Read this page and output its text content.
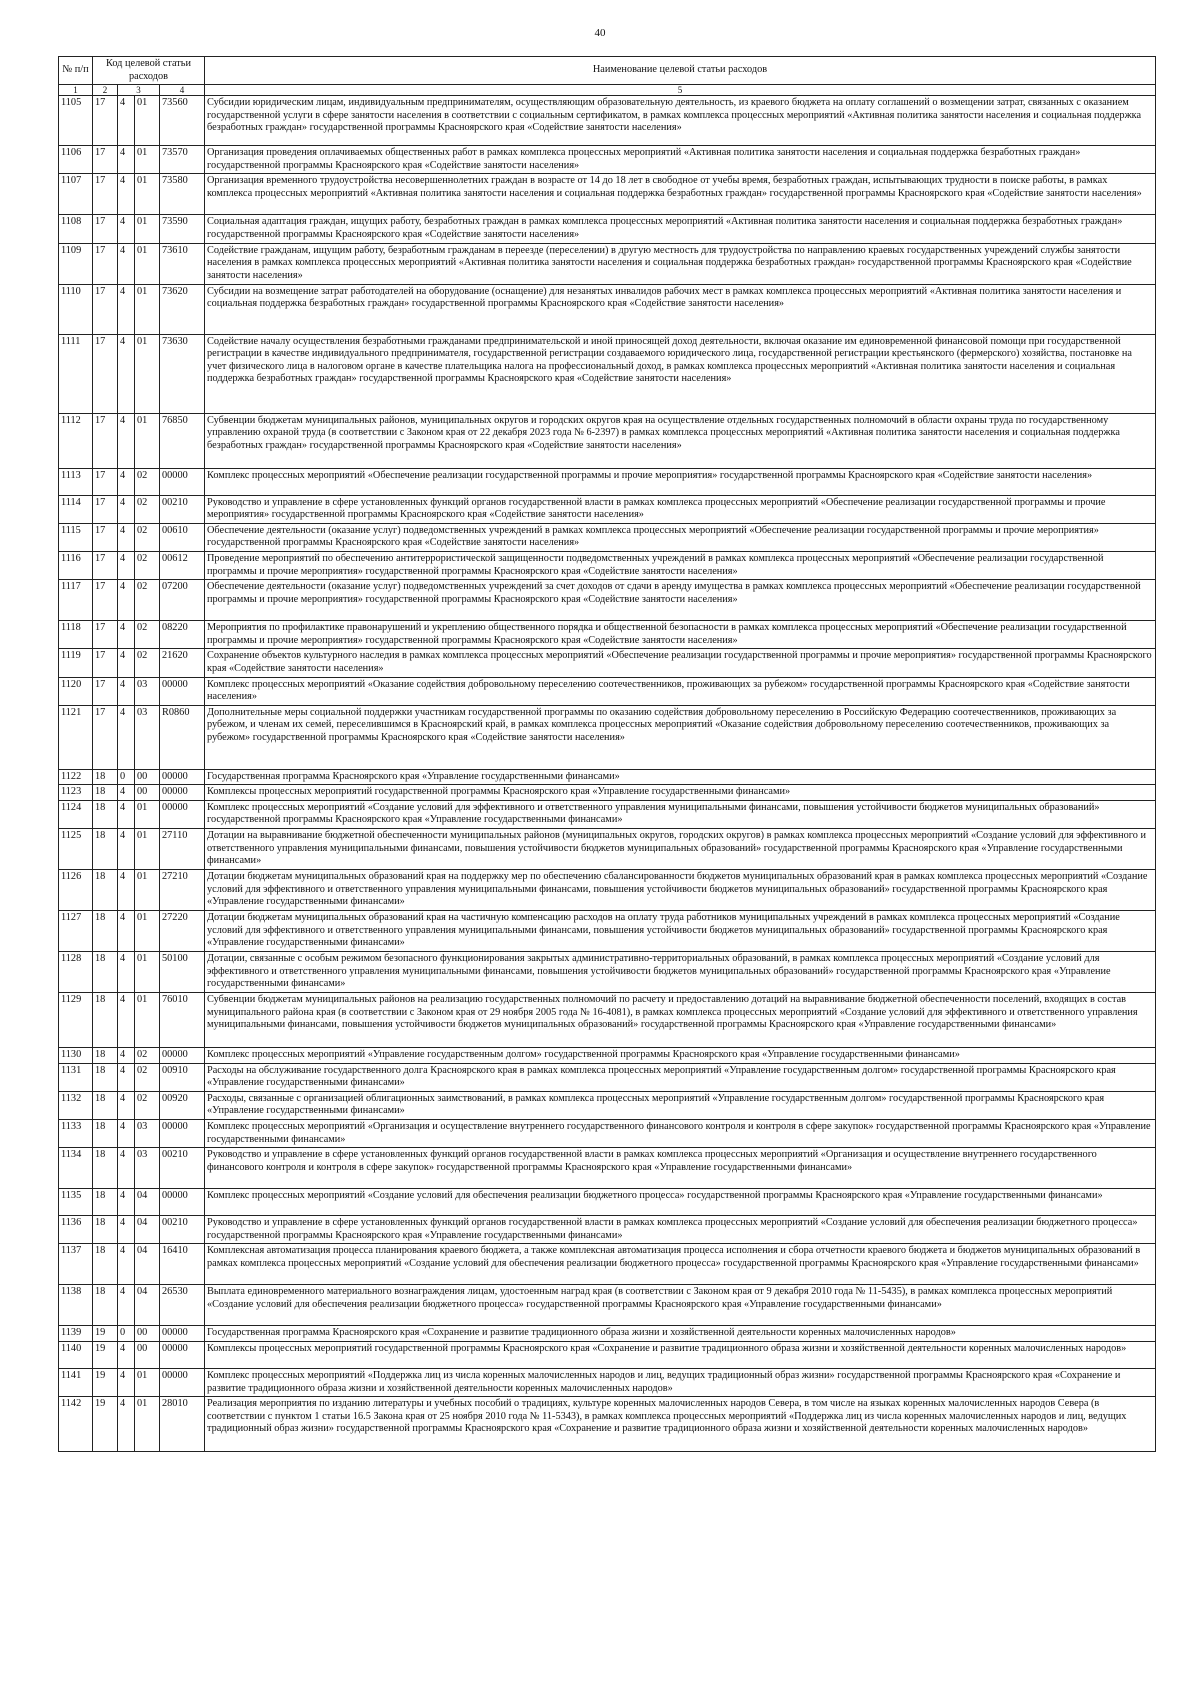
40
№ п/п	Код целевой статьи расходов				Наименование целевой статьи расходов

1	2	3		4	5
1105	17	4	01	73560	Субсидии юридическим лицам, индивидуальным предпринимателям, осуществляющим образовательную деятельность, из краевого бюджета на оплату соглашений о возмещении затрат, связанных с оказанием государственной услуги в сфере занятости населения в соответствии с социальным сертификатом, в рамках комплекса процессных мероприятий «Активная политика занятости населения и социальная поддержка безработных граждан» государственной программы Красноярского края «Содействие занятости населения»
1106	17	4	01	73570	Организация проведения оплачиваемых общественных работ в рамках комплекса процессных мероприятий «Активная политика занятости населения и социальная поддержка безработных граждан» государственной программы Красноярского края «Содействие занятости населения»
1107	17	4	01	73580	Организация временного трудоустройства несовершеннолетних граждан в возрасте от 14 до 18 лет в свободное от учебы время, безработных граждан, испытывающих трудности в поиске работы, в рамках комплекса процессных мероприятий «Активная политика занятости населения и социальная поддержка безработных граждан» государственной программы Красноярского края «Содействие занятости населения»
1108	17	4	01	73590	Социальная адаптация граждан, ищущих работу, безработных граждан в рамках комплекса процессных мероприятий «Активная политика занятости населения и социальная поддержка безработных граждан» государственной программы Красноярского края «Содействие занятости населения»
1109	17	4	01	73610	Содействие гражданам, ищущим работу, безработным гражданам в переезде (переселении) в другую местность для трудоустройства по направлению краевых государственных учреждений службы занятости населения в рамках комплекса процессных мероприятий «Активная политика занятости населения и социальная поддержка безработных граждан» государственной программы Красноярского края «Содействие занятости населения»
1110	17	4	01	73620	Субсидии на возмещение затрат работодателей на оборудование (оснащение) для незанятых инвалидов рабочих мест в рамках комплекса процессных мероприятий «Активная политика занятости населения и социальная поддержка безработных граждан» государственной программы Красноярского края «Содействие занятости населения»
1111	17	4	01	73630	Содействие началу осуществления безработными гражданами предпринимательской и иной приносящей доход деятельности, включая оказание им единовременной финансовой помощи при государственной регистрации в качестве индивидуального предпринимателя, государственной регистрации создаваемого юридического лица, государственной регистрации крестьянского (фермерского) хозяйства, постановке на учет физического лица в налоговом органе в качестве плательщика налога на профессиональный доход, в рамках комплекса процессных мероприятий «Активная политика занятости населения и социальная поддержка безработных граждан» государственной программы Красноярского края «Содействие занятости населения»
1112	17	4	01	76850	Субвенции бюджетам муниципальных районов, муниципальных округов и городских округов края на осуществление отдельных государственных полномочий в области охраны труда по государственному управлению охраной труда (в соответствии с Законом края от 22 декабря 2023 года № 6-2397) в рамках комплекса процессных мероприятий «Активная политика занятости населения и социальная поддержка безработных граждан» государственной программы Красноярского края «Содействие занятости населения»
1113	17	4	02	00000	Комплекс процессных мероприятий «Обеспечение реализации государственной программы и прочие мероприятия» государственной программы Красноярского края «Содействие занятости населения»
1114	17	4	02	00210	Руководство и управление в сфере установленных функций органов государственной власти в рамках комплекса процессных мероприятий «Обеспечение реализации государственной программы и прочие мероприятия» государственной программы Красноярского края «Содействие занятости населения»
1115	17	4	02	00610	Обеспечение деятельности (оказание услуг) подведомственных учреждений в рамках комплекса процессных мероприятий «Обеспечение реализации государственной программы и прочие мероприятия» государственной программы Красноярского края «Содействие занятости населения»
1116	17	4	02	00612	Проведение мероприятий по обеспечению антитеррористической защищенности подведомственных учреждений в рамках комплекса процессных мероприятий «Обеспечение реализации государственной программы и прочие мероприятия» государственной программы Красноярского края «Содействие занятости населения»
1117	17	4	02	07200	Обеспечение деятельности (оказание услуг) подведомственных учреждений за счет доходов от сдачи в аренду имущества в рамках комплекса процессных мероприятий «Обеспечение реализации государственной программы и прочие мероприятия» государственной программы Красноярского края «Содействие занятости населения»
1118	17	4	02	08220	Мероприятия по профилактике правонарушений и укреплению общественного порядка и общественной безопасности в рамках комплекса процессных мероприятий «Обеспечение реализации государственной программы и прочие мероприятия» государственной программы Красноярского края «Содействие занятости населения»
1119	17	4	02	21620	Сохранение объектов культурного наследия в рамках комплекса процессных мероприятий «Обеспечение реализации государственной программы и прочие мероприятия» государственной программы Красноярского края «Содействие занятости населения»
1120	17	4	03	00000	Комплекс процессных мероприятий «Оказание содействия добровольному переселению соотечественников, проживающих за рубежом» государственной программы Красноярского края «Содействие занятости населения»
1121	17	4	03	R0860	Дополнительные меры социальной поддержки участникам государственной программы по оказанию содействия добровольному переселению в Российскую Федерацию соотечественников, проживающих за рубежом, и членам их семей, переселившимся в Красноярский край, в рамках комплекса процессных мероприятий «Оказание содействия добровольному переселению соотечественников, проживающих за рубежом» государственной программы Красноярского края «Содействие занятости населения»
1122	18	0	00	00000	Государственная программа Красноярского края «Управление государственными финансами»
1123	18	4	00	00000	Комплексы процессных мероприятий государственной программы Красноярского края «Управление государственными финансами»
1124	18	4	01	00000	Комплекс процессных мероприятий «Создание условий для эффективного и ответственного управления муниципальными финансами, повышения устойчивости бюджетов муниципальных образований» государственной программы Красноярского края «Управление государственными финансами»
1125	18	4	01	27110	Дотации на выравнивание бюджетной обеспеченности муниципальных районов (муниципальных округов, городских округов) в рамках комплекса процессных мероприятий «Создание условий для эффективного и ответственного управления муниципальными финансами, повышения устойчивости бюджетов муниципальных образований» государственной программы Красноярского края «Управление государственными финансами»
1126	18	4	01	27210	Дотации бюджетам муниципальных образований края на поддержку мер по обеспечению сбалансированности бюджетов муниципальных образований края в рамках комплекса процессных мероприятий «Создание условий для эффективного и ответственного управления муниципальными финансами, повышения устойчивости бюджетов муниципальных образований» государственной программы Красноярского края «Управление государственными финансами»
1127	18	4	01	27220	Дотации бюджетам муниципальных образований края на частичную компенсацию расходов на оплату труда работников муниципальных учреждений в рамках комплекса процессных мероприятий «Создание условий для эффективного и ответственного управления муниципальными финансами, повышения устойчивости бюджетов муниципальных образований» государственной программы Красноярского края «Управление государственными финансами»
1128	18	4	01	50100	Дотации, связанные с особым режимом безопасного функционирования закрытых административно-территориальных образований, в рамках комплекса процессных мероприятий «Создание условий для эффективного и ответственного управления муниципальными финансами, повышения устойчивости бюджетов муниципальных образований» государственной программы Красноярского края «Управление государственными финансами»
1129	18	4	01	76010	Субвенции бюджетам муниципальных районов на реализацию государственных полномочий по расчету и предоставлению дотаций на выравнивание бюджетной обеспеченности поселений, входящих в состав муниципального района края (в соответствии с Законом края от 29 ноября 2005 года № 16-4081), в рамках комплекса процессных мероприятий «Создание условий для эффективного и ответственного управления муниципальными финансами, повышения устойчивости бюджетов муниципальных образований» государственной программы Красноярского края «Управление государственными финансами»
1130	18	4	02	00000	Комплекс процессных мероприятий «Управление государственным долгом» государственной программы Красноярского края «Управление государственными финансами»
1131	18	4	02	00910	Расходы на обслуживание государственного долга Красноярского края в рамках комплекса процессных мероприятий «Управление государственным долгом» государственной программы Красноярского края «Управление государственными финансами»
1132	18	4	02	00920	Расходы, связанные с организацией облигационных заимствований, в рамках комплекса процессных мероприятий «Управление государственным долгом» государственной программы Красноярского края «Управление государственными финансами»
1133	18	4	03	00000	Комплекс процессных мероприятий «Организация и осуществление внутреннего государственного финансового контроля и контроля в сфере закупок» государственной программы Красноярского края «Управление государственными финансами»
1134	18	4	03	00210	Руководство и управление в сфере установленных функций органов государственной власти в рамках комплекса процессных мероприятий «Организация и осуществление внутреннего государственного финансового контроля и контроля в сфере закупок» государственной программы Красноярского края «Управление государственными финансами»
1135	18	4	04	00000	Комплекс процессных мероприятий «Создание условий для обеспечения реализации бюджетного процесса» государственной программы Красноярского края «Управление государственными финансами»
1136	18	4	04	00210	Руководство и управление в сфере установленных функций органов государственной власти в рамках комплекса процессных мероприятий «Создание условий для обеспечения реализации бюджетного процесса» государственной программы Красноярского края «Управление государственными финансами»
1137	18	4	04	16410	Комплексная автоматизация процесса планирования краевого бюджета, а также комплексная автоматизация процесса исполнения и сбора отчетности краевого бюджета и бюджетов муниципальных образований в рамках комплекса процессных мероприятий «Создание условий для обеспечения реализации бюджетного процесса» государственной программы Красноярского края «Управление государственными финансами»
1138	18	4	04	26530	Выплата единовременного материального вознаграждения лицам, удостоенным наград края (в соответствии с Законом края от 9 декабря 2010 года № 11-5435), в рамках комплекса процессных мероприятий «Создание условий для обеспечения реализации бюджетного процесса» государственной программы Красноярского края «Управление государственными финансами»
1139	19	0	00	00000	Государственная программа Красноярского края «Сохранение и развитие традиционного образа жизни и хозяйственной деятельности коренных малочисленных народов»
1140	19	4	00	00000	Комплексы процессных мероприятий государственной программы Красноярского края «Сохранение и развитие традиционного образа жизни и хозяйственной деятельности коренных малочисленных народов»
1141	19	4	01	00000	Комплекс процессных мероприятий «Поддержка лиц из числа коренных малочисленных народов и лиц, ведущих традиционный образ жизни» государственной программы Красноярского края «Сохранение и развитие традиционного образа жизни и хозяйственной деятельности коренных малочисленных народов»
1142	19	4	01	28010	Реализация мероприятия по изданию литературы и учебных пособий о традициях, культуре коренных малочисленных народов Севера, в том числе на языках коренных малочисленных народов Севера (в соответствии с пунктом 1 статьи 16.5 Закона края от 25 ноября 2010 года № 11-5343), в рамках комплекса процессных мероприятий «Поддержка лиц из числа коренных малочисленных народов и лиц, ведущих традиционный образ жизни» государственной программы Красноярского края «Сохранение и развитие традиционного образа жизни и хозяйственной деятельности коренных малочисленных народов»
